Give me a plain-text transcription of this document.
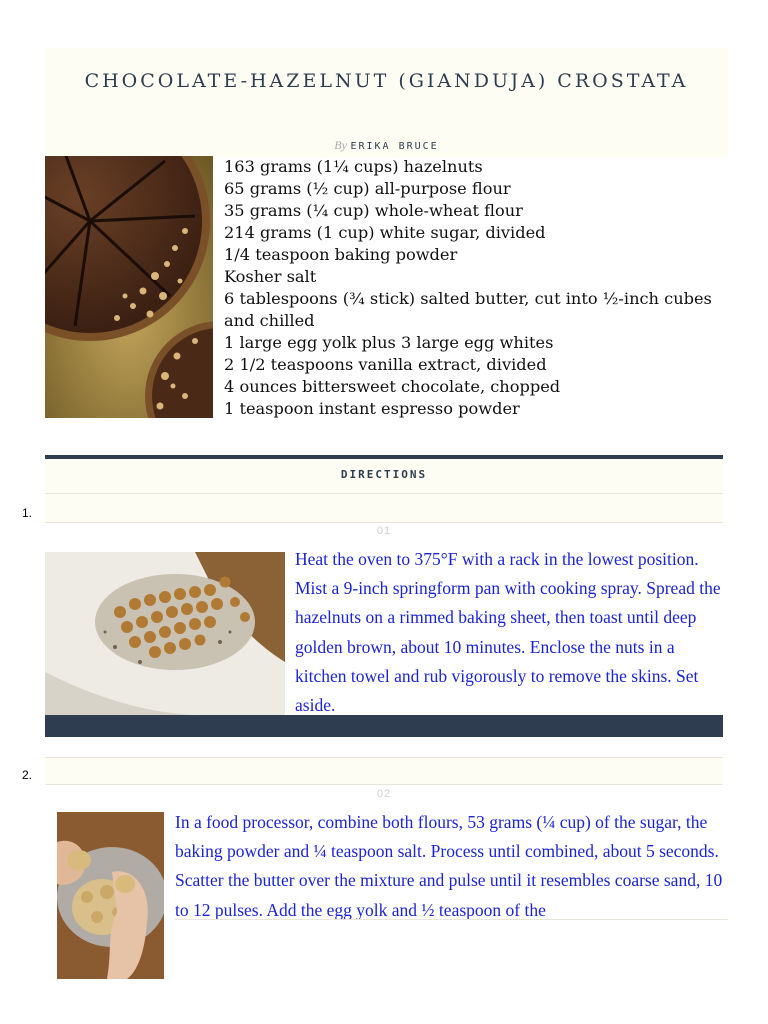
CHOCOLATE-HAZELNUT (GIANDUJA) CROSTATA
By ERIKA BRUCE
163 grams (1¼ cups) hazelnuts
65 grams (½ cup) all-purpose flour
35 grams (¼ cup) whole-wheat flour
214 grams (1 cup) white sugar, divided
1/4 teaspoon baking powder
Kosher salt
6 tablespoons (¾ stick) salted butter, cut into ½-inch cubes and chilled
1 large egg yolk plus 3 large egg whites
2 1/2 teaspoons vanilla extract, divided
4 ounces bittersweet chocolate, chopped
1 teaspoon instant espresso powder
DIRECTIONS
1.
01

Heat the oven to 375°F with a rack in the lowest position. Mist a 9-inch springform pan with cooking spray. Spread the hazelnuts on a rimmed baking sheet, then toast until deep golden brown, about 10 minutes. Enclose the nuts in a kitchen towel and rub vigorously to remove the skins. Set aside.

2.
02

In a food processor, combine both flours, 53 grams (¼ cup) of the sugar, the baking powder and ¼ teaspoon salt. Process until combined, about 5 seconds. Scatter the butter over the mixture and pulse until it resembles coarse sand, 10 to 12 pulses. Add the egg yolk and ½ teaspoon of the
